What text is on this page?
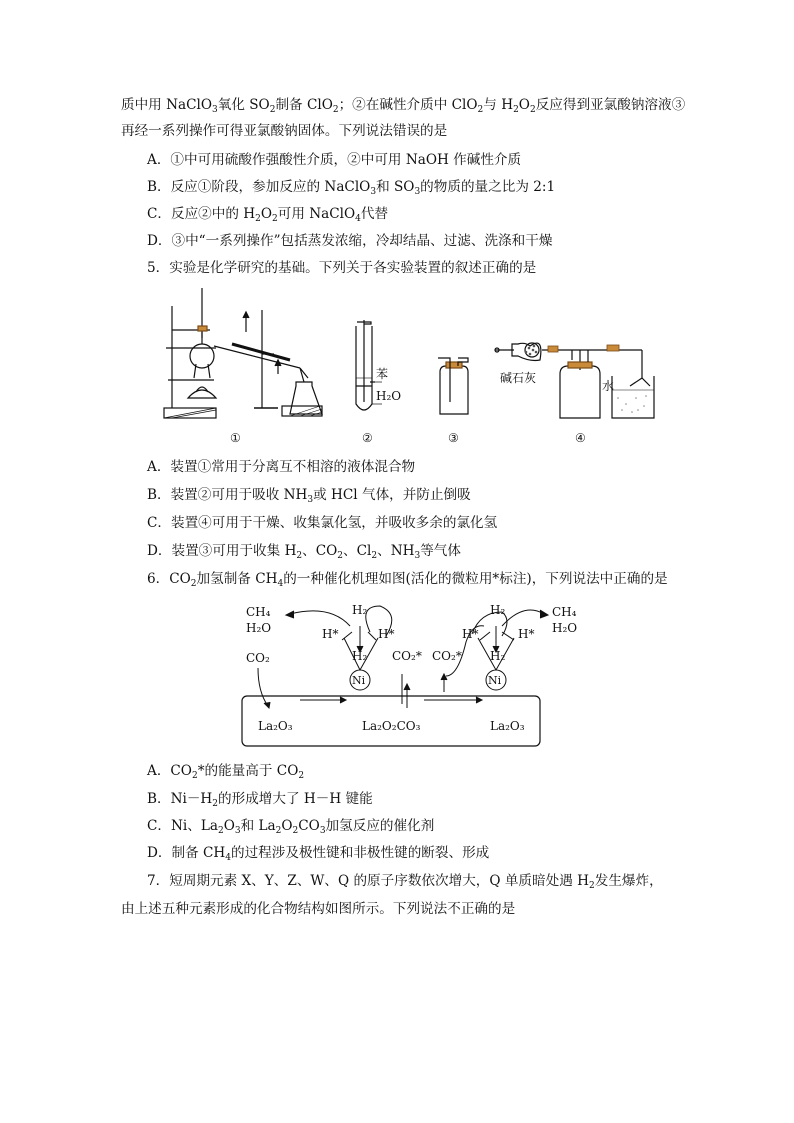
质中用 NaClO$_3$氧化 $SO_2$制备 ClO$_2$；②在碱性介质中 ClO$_2$与 $H_2O_2$反应得到亚氯酸钠溶液③
再经一系列操作可得亚氯酸钠固体。下列说法错误的是
A．①中可用硫酸作强酸性介质，②中可用 NaOH 作碱性介质
B．反应①阶段，参加反应的 NaClO$_3$和 $SO_3$的物质的量之比为 2:1
C．反应②中的 $H_2O_2$可用 NaClO$_4$代替
D．③中“一系列操作”包括蒸发浓缩，冷却结晶、过滤、洗涤和干燥
5．实验是化学研究的基础。下列关于各实验装置的叙述正确的是
苯
H₂O
碱石灰
水
①	②	③	④
A．装置①常用于分离互不相溶的液体混合物
B．装置②可用于吸收 $NH_3$或 HCl 气体，并防止倒吸
C．装置④可用于干燥、收集氯化氢，并吸收多余的氯化氢
D．装置③可用于收集 $H_2$、$CO_2$、$Cl_2$、$NH_3$等气体
6．$CO_2$加氢制备 $CH_4$的一种催化机理如图(活化的微粒用*标注)，下列说法中正确的是
CH₄
H₂O
H₂
H*	H*
H₂
CO₂	CO₂* CO₂*
Ni	Ni
H₂
H*	H*
H₂
CH₄
H₂O
La₂O₃	La₂O₂CO₃	La₂O₃
A．$CO_2*$的能量高于 $CO_2$
B．$Ni-H_2$的形成增大了 H－H 键能
C．Ni、$La_2O_3$和 $La_2O_2CO_3$加氢反应的催化剂
D．制备 $CH_4$的过程涉及极性键和非极性键的断裂、形成
7．短周期元素 X、Y、Z、W、Q 的原子序数依次增大，Q 单质暗处遇 $H_2$发生爆炸，
由上述五种元素形成的化合物结构如图所示。下列说法不正确的是
